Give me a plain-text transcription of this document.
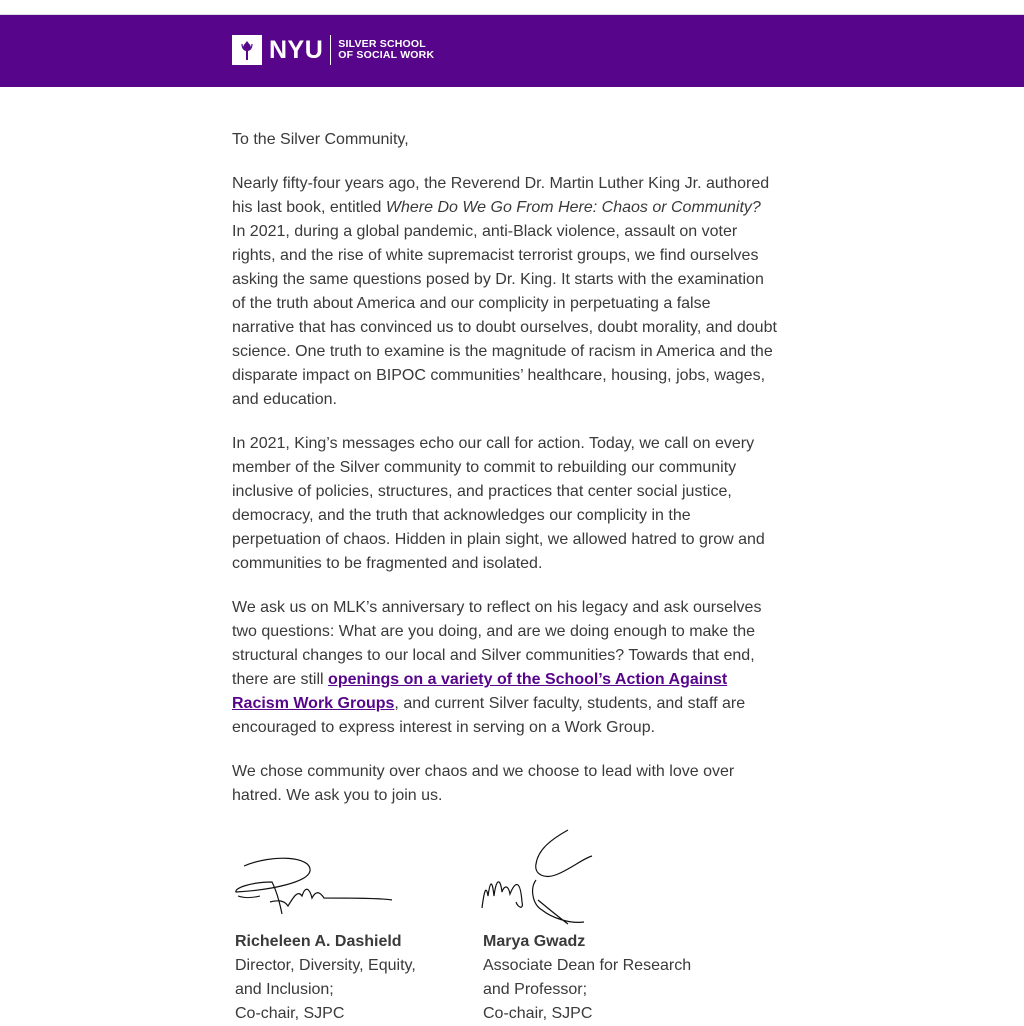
NYU SILVER SCHOOL
OF SOCIAL WORK

To the Silver Community,

Nearly fifty-four years ago, the Reverend Dr. Martin Luther King Jr. authored his last book, entitled Where Do We Go From Here: Chaos or Community? In 2021, during a global pandemic, anti-Black violence, assault on voter rights, and the rise of white supremacist terrorist groups, we find ourselves asking the same questions posed by Dr. King. It starts with the examination of the truth about America and our complicity in perpetuating a false narrative that has convinced us to doubt ourselves, doubt morality, and doubt science. One truth to examine is the magnitude of racism in America and the disparate impact on BIPOC communities’ healthcare, housing, jobs, wages, and education.

In 2021, King’s messages echo our call for action. Today, we call on every member of the Silver community to commit to rebuilding our community inclusive of policies, structures, and practices that center social justice, democracy, and the truth that acknowledges our complicity in the perpetuation of chaos. Hidden in plain sight, we allowed hatred to grow and communities to be fragmented and isolated.

We ask us on MLK’s anniversary to reflect on his legacy and ask ourselves two questions: What are you doing, and are we doing enough to make the structural changes to our local and Silver communities? Towards that end, there are still openings on a variety of the School’s Action Against Racism Work Groups, and current Silver faculty, students, and staff are encouraged to express interest in serving on a Work Group.

We chose community over chaos and we choose to lead with love over hatred. We ask you to join us.

Richeleen A. Dashield
Director, Diversity, Equity,
and Inclusion;
Co-chair, SJPC
Marya Gwadz
Associate Dean for Research
and Professor;
Co-chair, SJPC
